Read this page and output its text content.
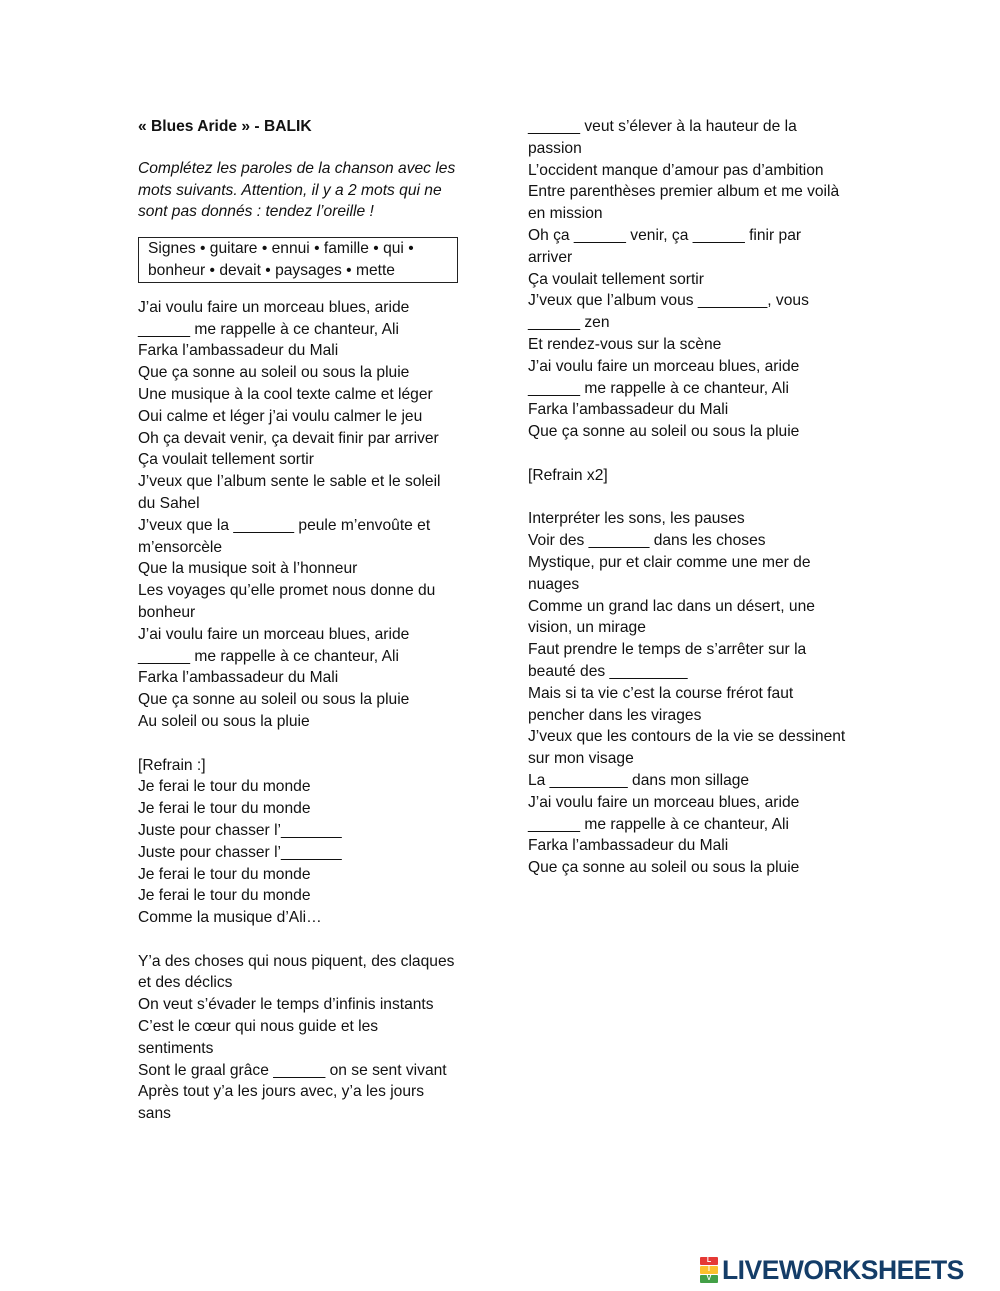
« Blues Aride » - BALIK

Complétez les paroles de la chanson avec les
mots suivants. Attention, il y a 2 mots qui ne
sont pas donnés : tendez l’oreille !
Signes • guitare • ennui • famille • qui •
bonheur • devait • paysages • mette
J’ai voulu faire un morceau blues, aride
______ me rappelle à ce chanteur, Ali
Farka l’ambassadeur du Mali
Que ça sonne au soleil ou sous la pluie
Une musique à la cool texte calme et léger
Oui calme et léger j’ai voulu calmer le jeu
Oh ça devait venir, ça devait finir par arriver
Ça voulait tellement sortir
J’veux que l’album sente le sable et le soleil
du Sahel
J’veux que la _______ peule m’envoûte et
m’ensorcèle
Que la musique soit à l’honneur
Les voyages qu’elle promet nous donne du
bonheur
J’ai voulu faire un morceau blues, aride
______ me rappelle à ce chanteur, Ali
Farka l’ambassadeur du Mali
Que ça sonne au soleil ou sous la pluie
Au soleil ou sous la pluie
[Refrain :]
Je ferai le tour du monde
Je ferai le tour du monde
Juste pour chasser l’_______
Juste pour chasser l’_______
Je ferai le tour du monde
Je ferai le tour du monde
Comme la musique d’Ali…
Y’a des choses qui nous piquent, des claques
et des déclics
On veut s’évader le temps d’infinis instants
C’est le cœur qui nous guide et les
sentiments
Sont le graal grâce ______ on se sent vivant
Après tout y’a les jours avec, y’a les jours
sans
______ veut s’élever à la hauteur de la
passion
L’occident manque d’amour pas d’ambition
Entre parenthèses premier album et me voilà
en mission
Oh ça ______ venir, ça ______ finir par
arriver
Ça voulait tellement sortir
J’veux que l’album vous ________, vous
______ zen
Et rendez-vous sur la scène
J’ai voulu faire un morceau blues, aride
______ me rappelle à ce chanteur, Ali
Farka l’ambassadeur du Mali
Que ça sonne au soleil ou sous la pluie
[Refrain x2]
Interpréter les sons, les pauses
Voir des _______ dans les choses
Mystique, pur et clair comme une mer de
nuages
Comme un grand lac dans un désert, une
vision, un mirage
Faut prendre le temps de s’arrêter sur la
beauté des _________
Mais si ta vie c’est la course frérot faut
pencher dans les virages
J’veux que les contours de la vie se dessinent
sur mon visage
La _________ dans mon sillage
J’ai voulu faire un morceau blues, aride
______ me rappelle à ce chanteur, Ali
Farka l’ambassadeur du Mali
Que ça sonne au soleil ou sous la pluie
L
I
V LIVEWORKSHEETS
